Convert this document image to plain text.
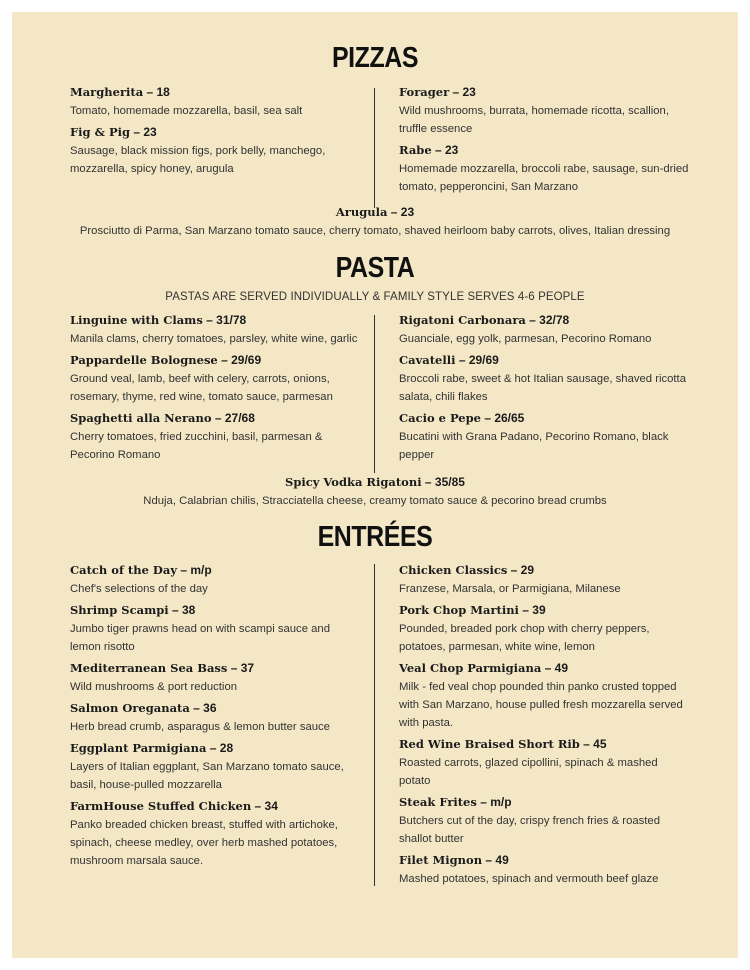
PIZZAS
Margherita – 18
Tomato, homemade mozzarella, basil, sea salt
Fig & Pig – 23
Sausage, black mission figs, pork belly, manchego, mozzarella, spicy honey, arugula
Forager – 23
Wild mushrooms, burrata, homemade ricotta, scallion, truffle essence
Rabe – 23
Homemade mozzarella, broccoli rabe, sausage, sun-dried tomato, pepperoncini, San Marzano
Arugula – 23
Prosciutto di Parma, San Marzano tomato sauce, cherry tomato, shaved heirloom baby carrots, olives, Italian dressing
PASTA
PASTAS ARE SERVED INDIVIDUALLY & FAMILY STYLE SERVES 4-6 PEOPLE
Linguine with Clams – 31/78
Manila clams, cherry tomatoes, parsley, white wine, garlic
Pappardelle Bolognese – 29/69
Ground veal, lamb, beef with celery, carrots, onions, rosemary, thyme, red wine, tomato sauce, parmesan
Spaghetti alla Nerano – 27/68
Cherry tomatoes, fried zucchini, basil, parmesan & Pecorino Romano
Rigatoni Carbonara – 32/78
Guanciale, egg yolk, parmesan, Pecorino Romano
Cavatelli – 29/69
Broccoli rabe, sweet & hot Italian sausage, shaved ricotta salata, chili flakes
Cacio e Pepe – 26/65
Bucatini with Grana Padano, Pecorino Romano, black pepper
Spicy Vodka Rigatoni – 35/85
Nduja, Calabrian chilis, Stracciatella cheese, creamy tomato sauce & pecorino bread crumbs
ENTRÉES
Catch of the Day – m/p
Chef's selections of the day
Shrimp Scampi – 38
Jumbo tiger prawns head on with scampi sauce and lemon risotto
Mediterranean Sea Bass – 37
Wild mushrooms & port reduction
Salmon Oreganata – 36
Herb bread crumb, asparagus & lemon butter sauce
Eggplant Parmigiana – 28
Layers of Italian eggplant, San Marzano tomato sauce, basil, house-pulled mozzarella
FarmHouse Stuffed Chicken – 34
Panko breaded chicken breast, stuffed with artichoke, spinach, cheese medley, over herb mashed potatoes, mushroom marsala sauce.
Chicken Classics – 29
Franzese, Marsala, or Parmigiana, Milanese
Pork Chop Martini – 39
Pounded, breaded pork chop with cherry peppers, potatoes, parmesan, white wine, lemon
Veal Chop Parmigiana – 49
Milk - fed veal chop pounded thin panko crusted topped with San Marzano, house pulled fresh mozzarella served with pasta.
Red Wine Braised Short Rib – 45
Roasted carrots, glazed cipollini, spinach & mashed potato
Steak Frites – m/p
Butchers cut of the day, crispy french fries & roasted shallot butter
Filet Mignon – 49
Mashed potatoes, spinach and vermouth beef glaze
